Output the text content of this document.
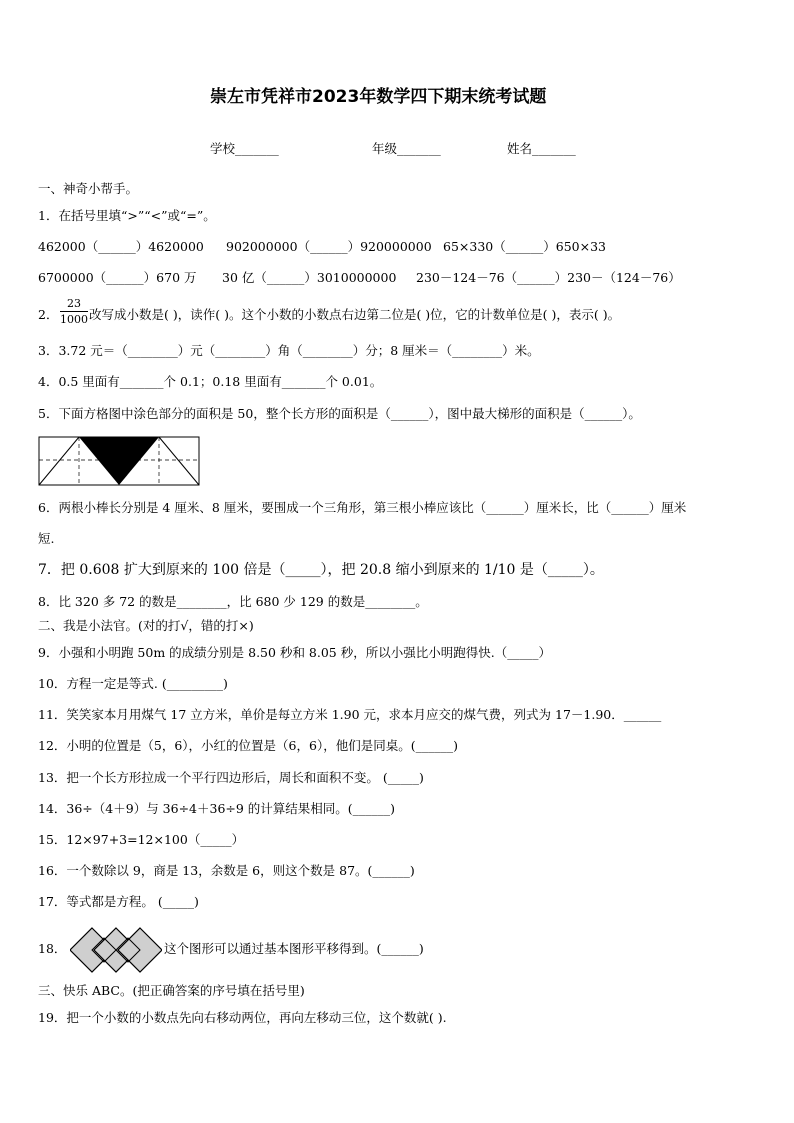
崇左市凭祥市2023年数学四下期末统考试题
学校_______	年级_______	姓名_______
一、神奇小帮手。
1．在括号里填“>”“<”或“=”。
462000（______）4620000 902000000（______）920000000 65×330（______）650×33
6700000（______）670 万 30 亿（______）3010000000 230－124－76（______）230－（124－76）
2．
23
1000 改写成小数是( )，读作( )。这个小数的小数点右边第二位是( )位，它的计数单位是( )，表示( )。
3．3.72 元＝（________）元（________）角（________）分；8 厘米＝（________）米。
4．0.5 里面有_______个 0.1；0.18 里面有_______个 0.01。
5．下面方格图中涂色部分的面积是 50，整个长方形的面积是（______），图中最大梯形的面积是（______）。
6．两根小棒长分别是 4 厘米、8 厘米，要围成一个三角形，第三根小棒应该比（______）厘米长，比（______）厘米
短.
7．把 0.608 扩大到原来的 100 倍是（_____），把 20.8 缩小到原来的 1/10 是（_____）。
8．比 320 多 72 的数是________，比 680 少 129 的数是________。
二、我是小法官。(对的打√，错的打×)
9．小强和小明跑 50m 的成绩分别是 8.50 秒和 8.05 秒，所以小强比小明跑得快.（_____）
10．方程一定是等式. (_________)
11．笑笑家本月用煤气 17 立方米，单价是每立方米 1.90 元，求本月应交的煤气费，列式为 17－1.90．______
12．小明的位置是（5，6），小红的位置是（6，6），他们是同桌。(______)
13．把一个长方形拉成一个平行四边形后，周长和面积不变。 (_____)
14．36÷（4＋9）与 36÷4＋36÷9 的计算结果相同。(______)
15．12×97+3=12×100（_____）
16．一个数除以 9，商是 13，余数是 6，则这个数是 87。(______)
17．等式都是方程。 (_____)
18．	这个图形可以通过基本图形平移得到。(______)
三、快乐 ABC。(把正确答案的序号填在括号里)
19．把一个小数的小数点先向右移动两位，再向左移动三位，这个数就( ).
